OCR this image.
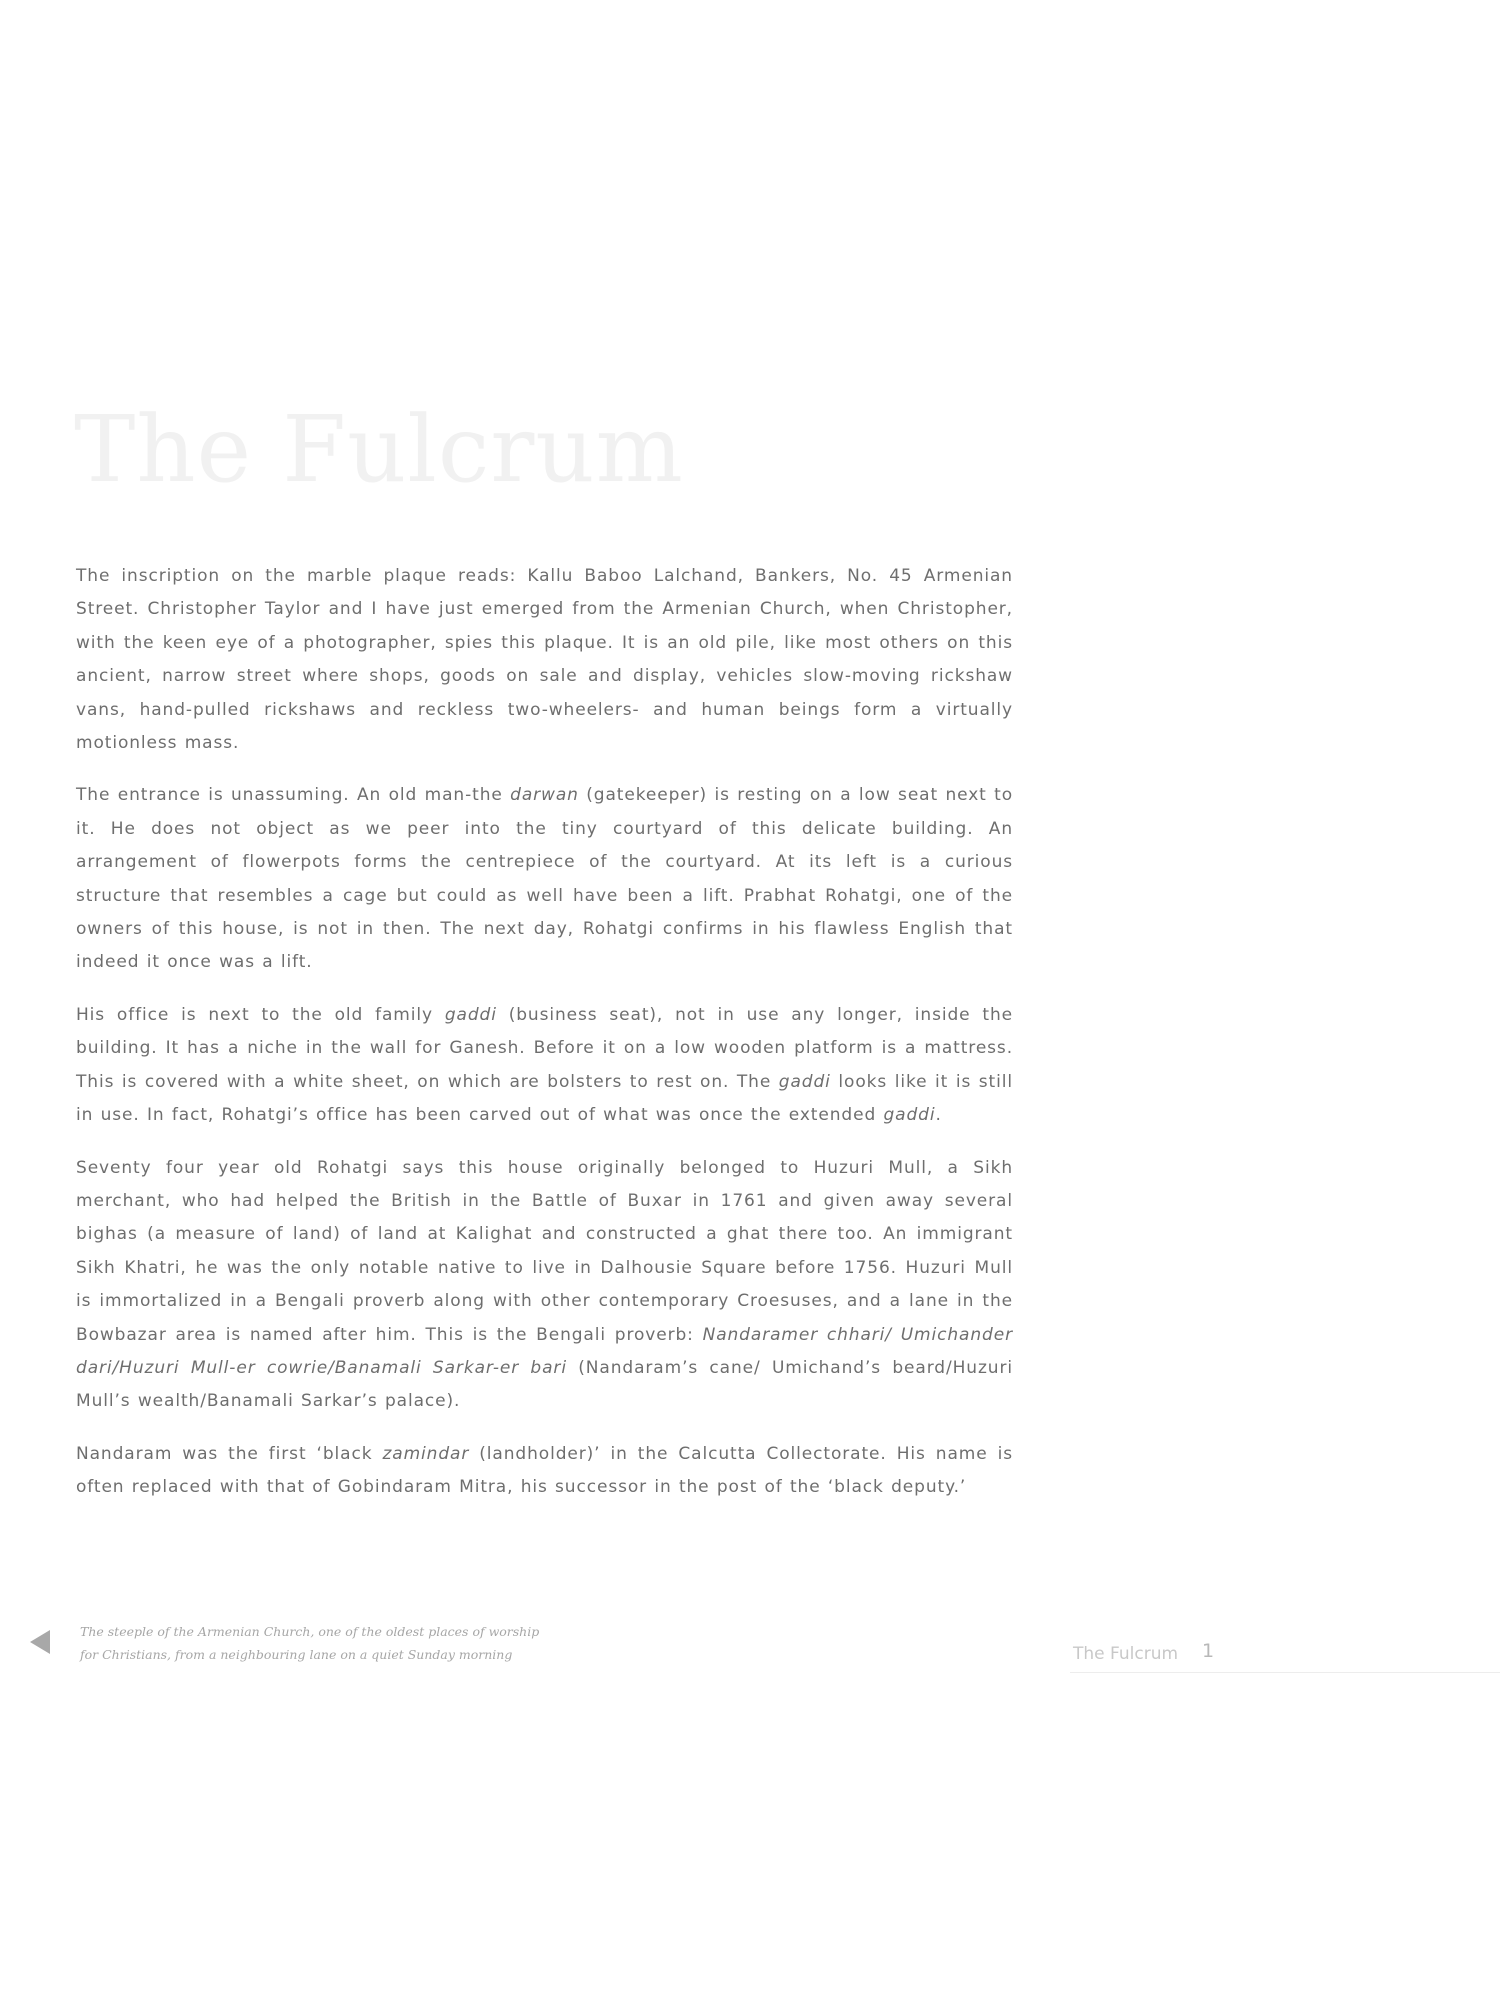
The Fulcrum

The inscription on the marble plaque reads: Kallu Baboo Lalchand, Bankers, No. 45 Armenian Street. Christopher Taylor and I have just emerged from the Armenian Church, when Christopher, with the keen eye of a photographer, spies this plaque. It is an old pile, like most others on this ancient, narrow street where shops, goods on sale and display, vehicles slow-moving rickshaw vans, hand-pulled rickshaws and reckless two-wheelers- and human beings form a virtually motionless mass.

The entrance is unassuming. An old man-the darwan (gatekeeper) is resting on a low seat next to it. He does not object as we peer into the tiny courtyard of this delicate building. An arrangement of flowerpots forms the centrepiece of the courtyard. At its left is a curious structure that resembles a cage but could as well have been a lift. Prabhat Rohatgi, one of the owners of this house, is not in then. The next day, Rohatgi confirms in his flawless English that indeed it once was a lift.

His office is next to the old family gaddi (business seat), not in use any longer, inside the building. It has a niche in the wall for Ganesh. Before it on a low wooden platform is a mattress. This is covered with a white sheet, on which are bolsters to rest on. The gaddi looks like it is still in use. In fact, Rohatgi’s office has been carved out of what was once the extended gaddi.

Seventy four year old Rohatgi says this house originally belonged to Huzuri Mull, a Sikh merchant, who had helped the British in the Battle of Buxar in 1761 and given away several bighas (a measure of land) of land at Kalighat and constructed a ghat there too. An immigrant Sikh Khatri, he was the only notable native to live in Dalhousie Square before 1756. Huzuri Mull is immortalized in a Bengali proverb along with other contemporary Croesuses, and a lane in the Bowbazar area is named after him. This is the Bengali proverb: Nandaramer chhari/ Umichander dari/Huzuri Mull-er cowrie/Banamali Sarkar-er bari (Nandaram’s cane/ Umichand’s beard/Huzuri Mull’s wealth/Banamali Sarkar’s palace).

Nandaram was the first ‘black zamindar (landholder)’ in the Calcutta Collectorate. His name is often replaced with that of Gobindaram Mitra, his successor in the post of the ‘black deputy.’

The steeple of the Armenian Church, one of the oldest places of worship
for Christians, from a neighbouring lane on a quiet Sunday morning	The Fulcrum 1
